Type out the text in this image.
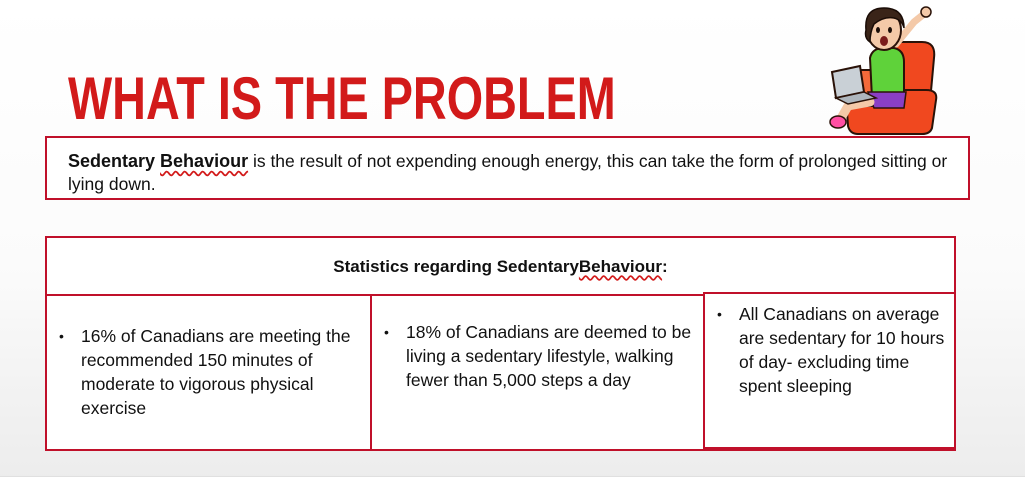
WHAT IS THE PROBLEM
Sedentary Behaviour is the result of not expending enough energy, this can take the form of prolonged sitting or lying down.
Statistics regarding Sedentary Behaviour :
• 16% of Canadians are meeting the recommended 150 minutes of moderate to vigorous physical exercise
• 18% of Canadians are deemed to be living a sedentary lifestyle, walking fewer than 5,000 steps a day
• All Canadians on average are sedentary for 10 hours of day- excluding time spent sleeping
